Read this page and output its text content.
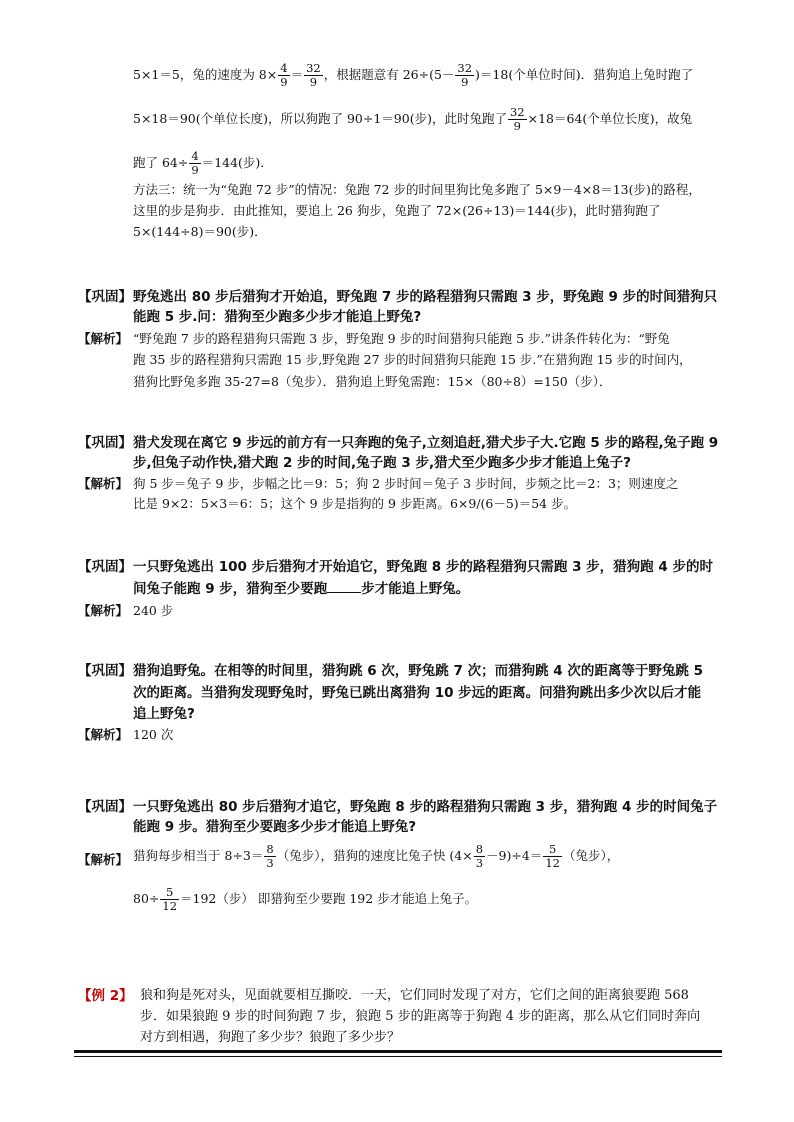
5×1＝5，兔的速度为 $8\times \frac{4}{9} = \frac{32}{9}$ ，根据题意有 $26\div(5- \frac{32}{9} )=18$(个单位时间)．猎狗追上兔时跑了
5×18＝90(个单位长度)，所以狗跑了 90÷1＝90(步)，此时兔跑了 $\frac{32}{9} \times 18=64$(个单位长度)，故兔
跑了 $64\div \frac{4}{9} =144$(步)．
方法三：统一为“兔跑 72 步”的情况：兔跑 72 步的时间里狗比兔多跑了 5×9－4×8＝13(步)的路程，
这里的步是狗步．由此推知，要追上 26 狗步，兔跑了 72×(26÷13)＝144(步)，此时猎狗跑了
5×(144÷8)＝90(步)．
【巩固】 野兔逃出 80 步后猎狗才开始追，野兔跑 7 步的路程猎狗只需跑 3 步，野兔跑 9 步的时间猎狗只
能跑 5 步.问：猎狗至少跑多少步才能追上野兔?
【解析】 “野兔跑 7 步的路程猎狗只需跑 3 步，野兔跑 9 步的时间猎狗只能跑 5 步.”讲条件转化为：“野兔
跑 35 步的路程猎狗只需跑 15 步,野兔跑 27 步的时间猎狗只能跑 15 步.”在猎狗跑 15 步的时间内，
猎狗比野兔多跑 35-27=8（兔步）．猎狗追上野兔需跑：15×（80÷8）=150（步）．
【巩固】 猎犬发现在离它 9 步远的前方有一只奔跑的兔子,立刻追赶,猎犬步子大.它跑 5 步的路程,兔子跑 9
步,但兔子动作快,猎犬跑 2 步的时间,兔子跑 3 步,猎犬至少跑多少步才能追上兔子?
【解析】 狗 5 步＝兔子 9 步，步幅之比＝9：5；狗 2 步时间＝兔子 3 步时间，步频之比＝2：3；则速度之
比是 9×2：5×3＝6：5；这个 9 步是指狗的 9 步距离。6×9/(6－5)＝54 步。
【巩固】 一只野兔逃出 100 步后猎狗才开始追它，野兔跑 8 步的路程猎狗只需跑 3 步，猎狗跑 4 步的时
间兔子能跑 9 步，猎狗至少要跑	步才能追上野兔。
【解析】 240 步
【巩固】 猎狗追野兔。在相等的时间里，猎狗跳 6 次，野兔跳 7 次；而猎狗跳 4 次的距离等于野兔跳 5
次的距离。当猎狗发现野兔时，野兔已跳出离猎狗 10 步远的距离。问猎狗跳出多少次以后才能
追上野兔?
【解析】 120 次
【巩固】 一只野兔逃出 80 步后猎狗才追它，野兔跑 8 步的路程猎狗只需跑 3 步，猎狗跑 4 步的时间兔子
能跑 9 步。猎狗至少要跑多少步才能追上野兔?
【解析】 猎狗每步相当于 $8\div 3= \frac{8}{3}$ （兔步），猎狗的速度比兔子快 $(4\times \frac{8}{3} -9)\div 4= \frac{5}{12}$ （兔步），
$80\div \frac{5}{12} =192$（步） 即猎狗至少要跑 192 步才能追上兔子。
【例 2】 狼和狗是死对头，见面就要相互撕咬．一天，它们同时发现了对方，它们之间的距离狼要跑 568
步．如果狼跑 9 步的时间狗跑 7 步，狼跑 5 步的距离等于狗跑 4 步的距离，那么从它们同时奔向
对方到相遇，狗跑了多少步？狼跑了多少步？
